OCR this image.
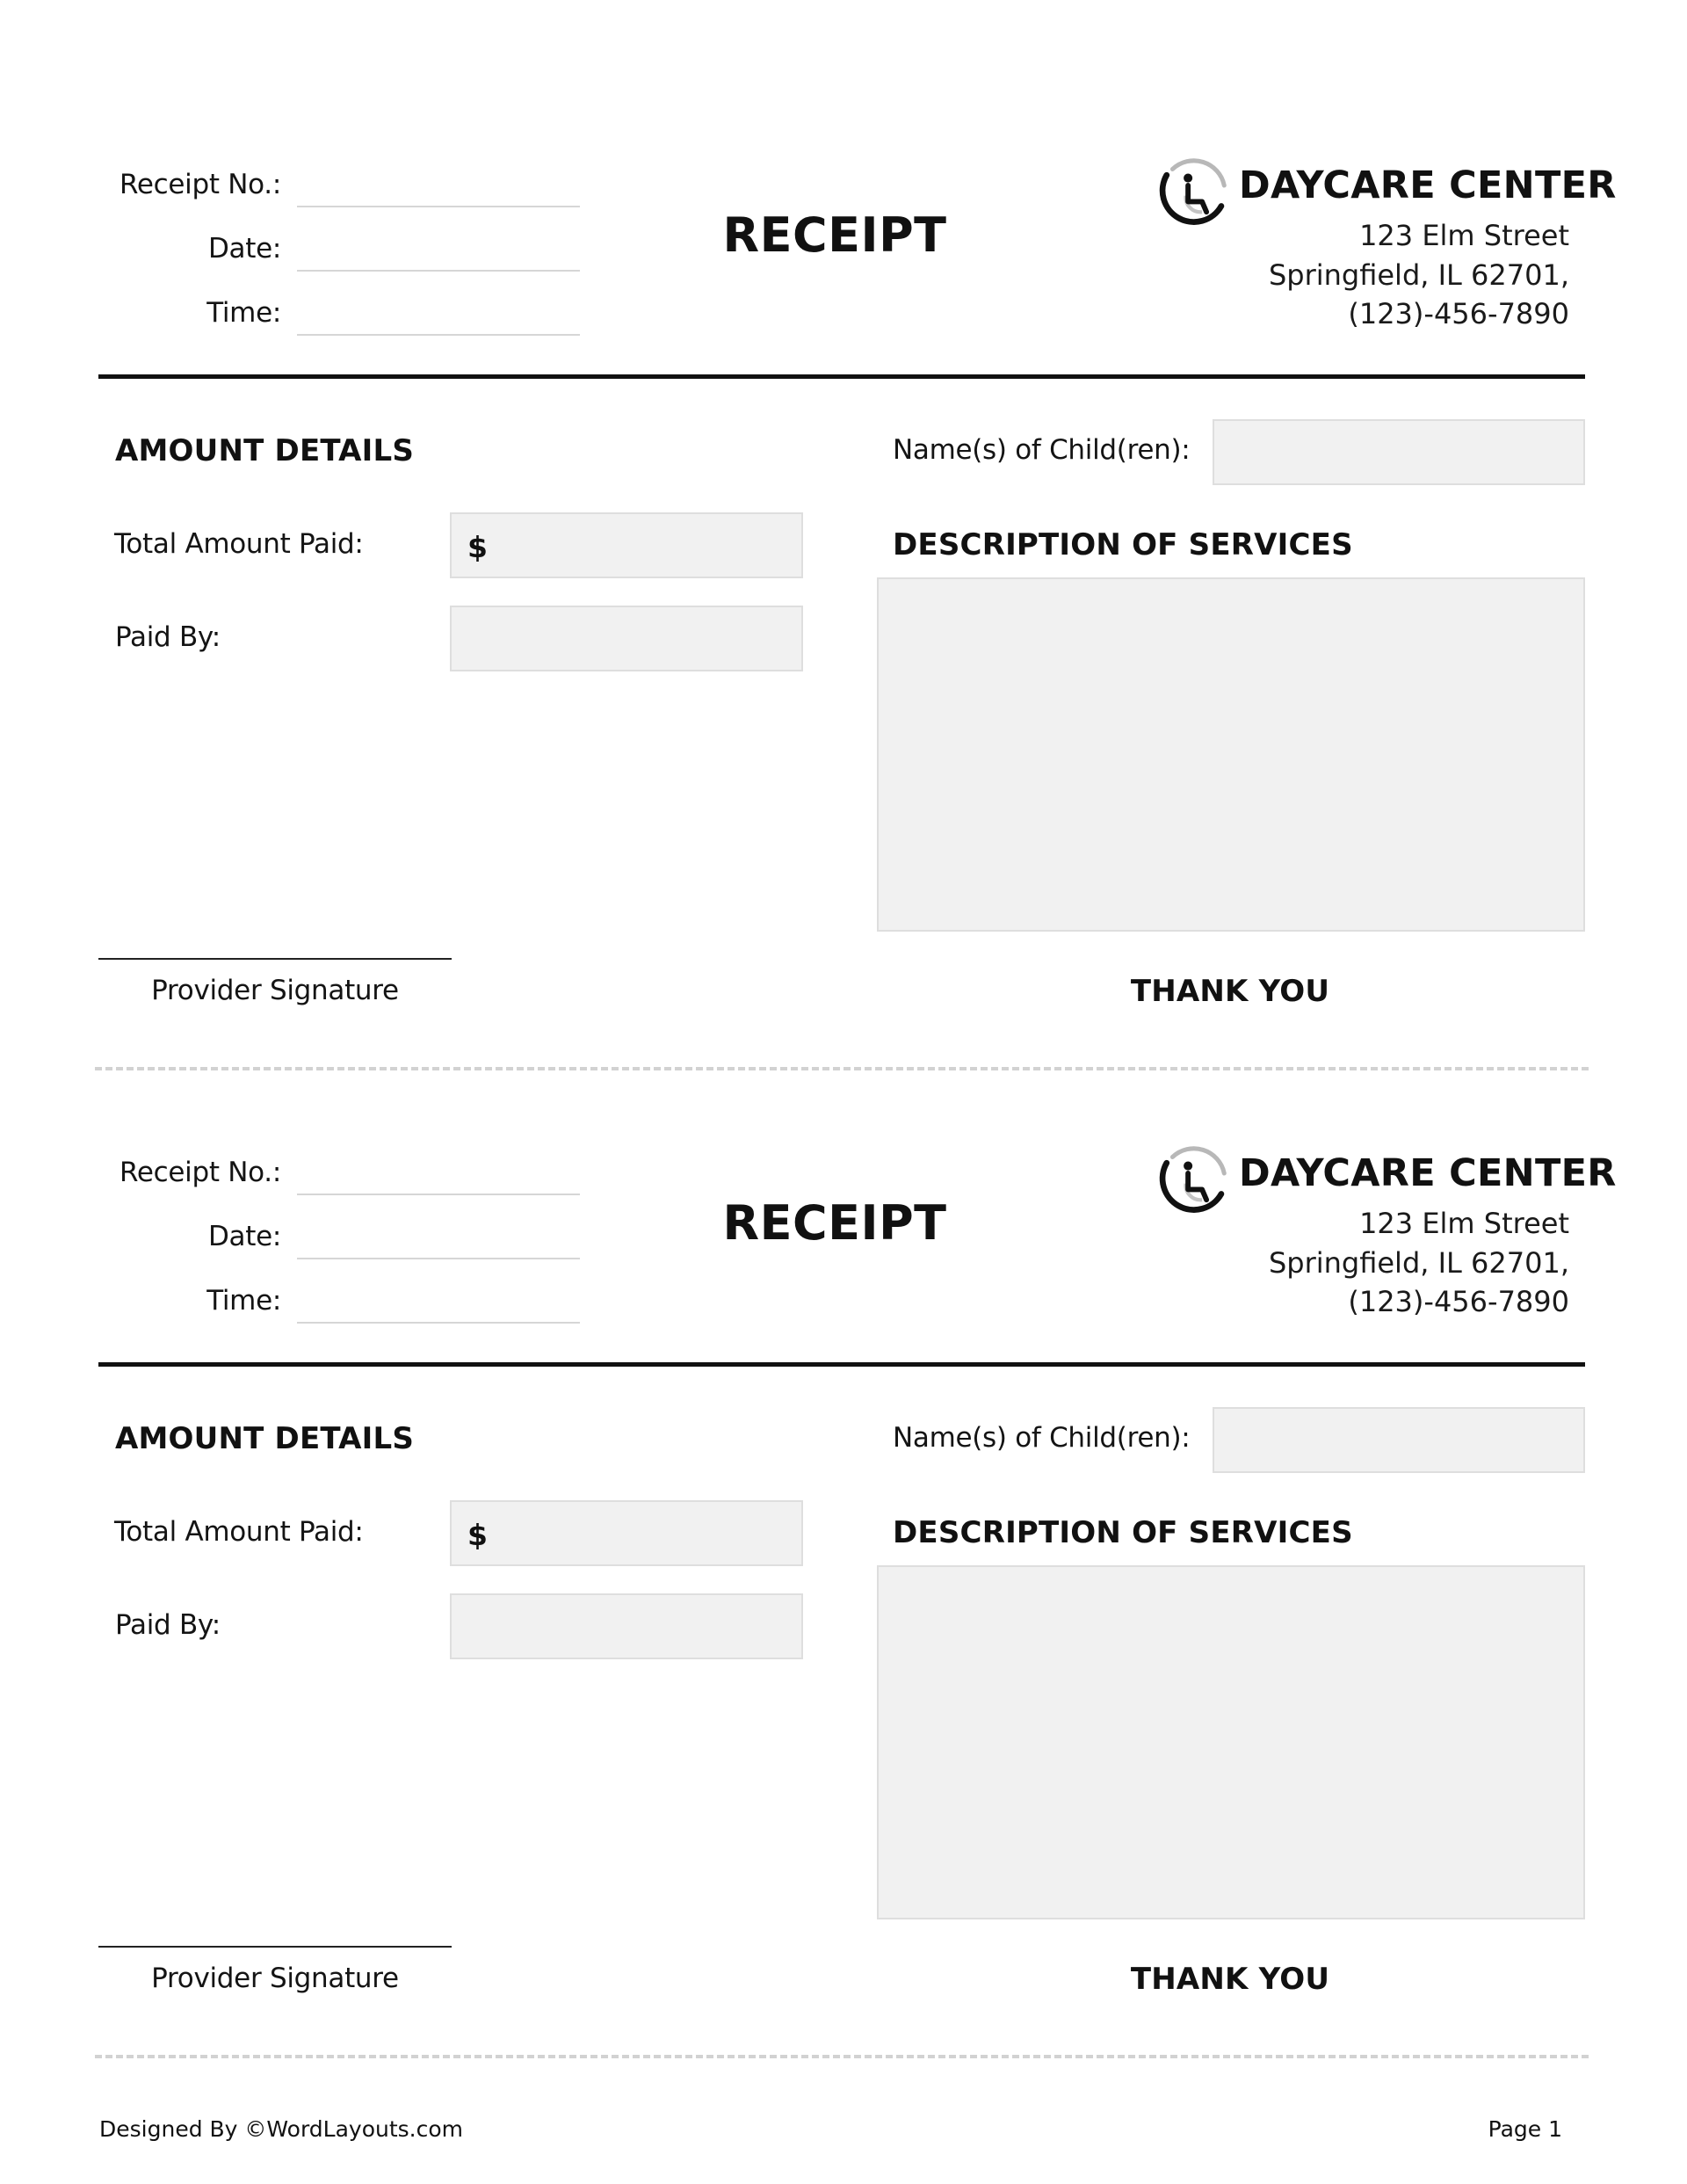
Receipt No.:
Date:
Time:
RECEIPT
DAYCARE CENTER
123 Elm Street
Springfield, IL 62701,
(123)-456-7890
AMOUNT DETAILS
Total Amount Paid:	$
Paid By:
Name(s) of Child(ren):
DESCRIPTION OF SERVICES
Provider Signature	THANK YOU
Receipt No.:
Date:
Time:
RECEIPT
DAYCARE CENTER
123 Elm Street
Springfield, IL 62701,
(123)-456-7890
AMOUNT DETAILS
Total Amount Paid:	$
Paid By:
Name(s) of Child(ren):
DESCRIPTION OF SERVICES
Provider Signature	THANK YOU
Designed By ©WordLayouts.com	Page 1
